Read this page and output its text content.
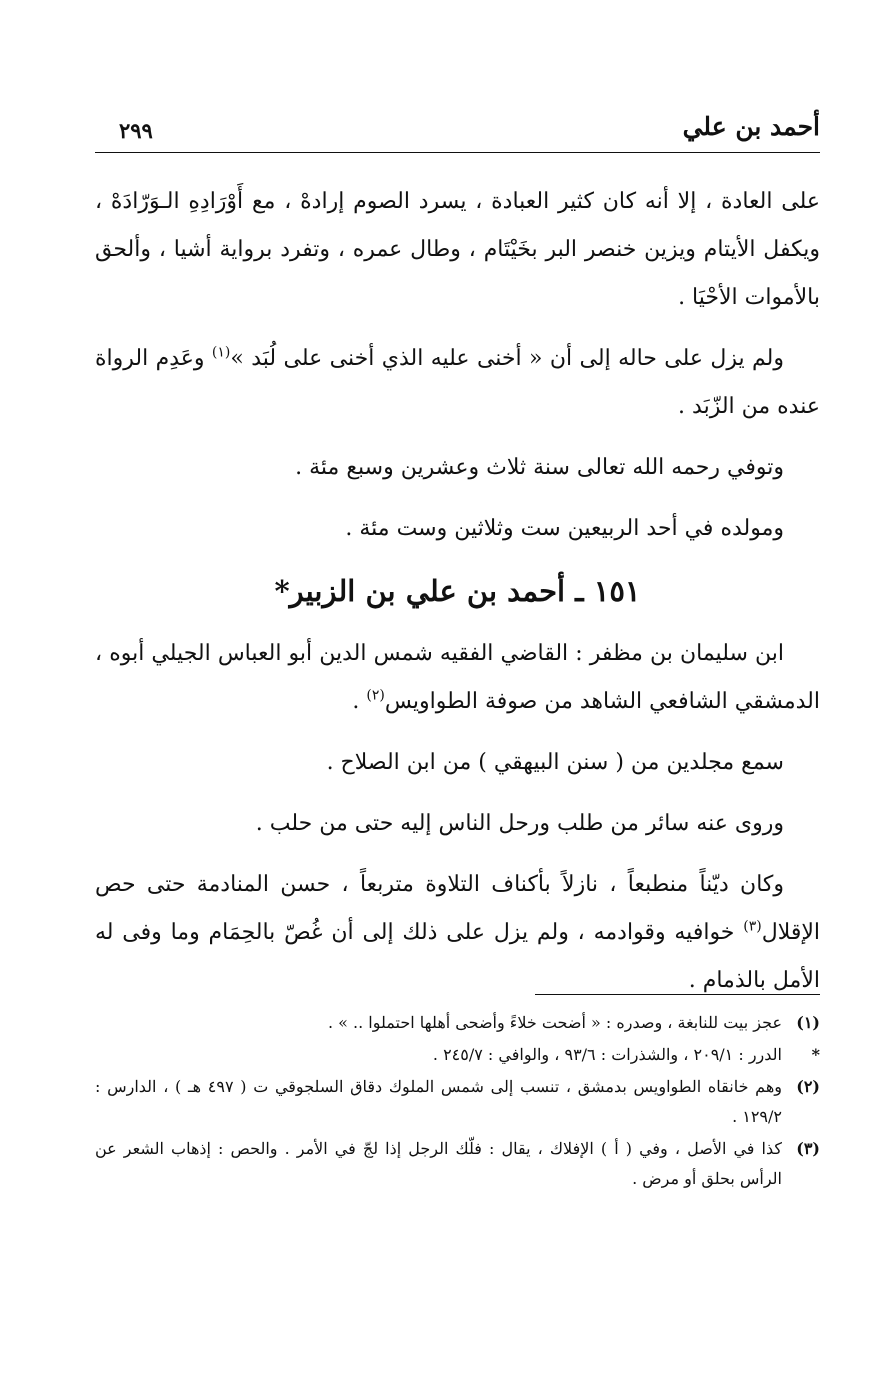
أحمد بن علي
٢٩٩

على العادة ، إلا أنه كان كثير العبادة ، يسرد الصوم إرادهْ ، مع أَوْرَادِهِ الـوَرّادَهْ ، ويكفل الأيتام ويزين خنصر البر بخَيْتَام ، وطال عمره ، وتفرد برواية أشيا ، وألحق بالأموات الأحْيَا .

ولم يزل على حاله إلى أن « أخنى عليه الذي أخنى على لُبَد »$^{(١)}$ وعَدِم الرواة عنده من الزّبَد .

وتوفي رحمه الله تعالى سنة ثلاث وعشرين وسبع مئة .

ومولده في أحد الربيعين ست وثلاثين وست مئة .

١٥١ ـ أحمد بن علي بن الزبير*

ابن سليمان بن مظفر : القاضي الفقيه شمس الدين أبو العباس الجيلي أبوه ، الدمشقي الشافعي الشاهد من صوفة الطواويس$^{(٢)}$ .

سمع مجلدين من ( سنن البيهقي ) من ابن الصلاح .

وروى عنه سائر من طلب ورحل الناس إليه حتى من حلب .

وكان ديّناً منطبعاً ، نازلاً بأكناف التلاوة متربعاً ، حسن المنادمة حتى حص الإقلال$^{(٣)}$ خوافيه وقوادمه ، ولم يزل على ذلك إلى أن غُصّ بالحِمَام وما وفى له الأمل بالذمام .

(١)
عجز بيت للنابغة ، وصدره : « أضحت خلاءً وأضحى أهلها احتملوا .. » .
*
الدرر : ٢٠٩/١ ، والشذرات : ٩٣/٦ ، والوافي : ٢٤٥/٧ .
(٢)
وهم خانقاه الطواويس بدمشق ، تنسب إلى شمس الملوك دقاق السلجوقي ت ( ٤٩٧ هـ ) ، الدارس : ١٢٩/٢ .
(٣)
كذا في الأصل ، وفي ( أ ) الإفلاك ، يقال : فلّك الرجل إذا لجّ في الأمر . والحص : إذهاب الشعر عن الرأس بحلق أو مرض .
